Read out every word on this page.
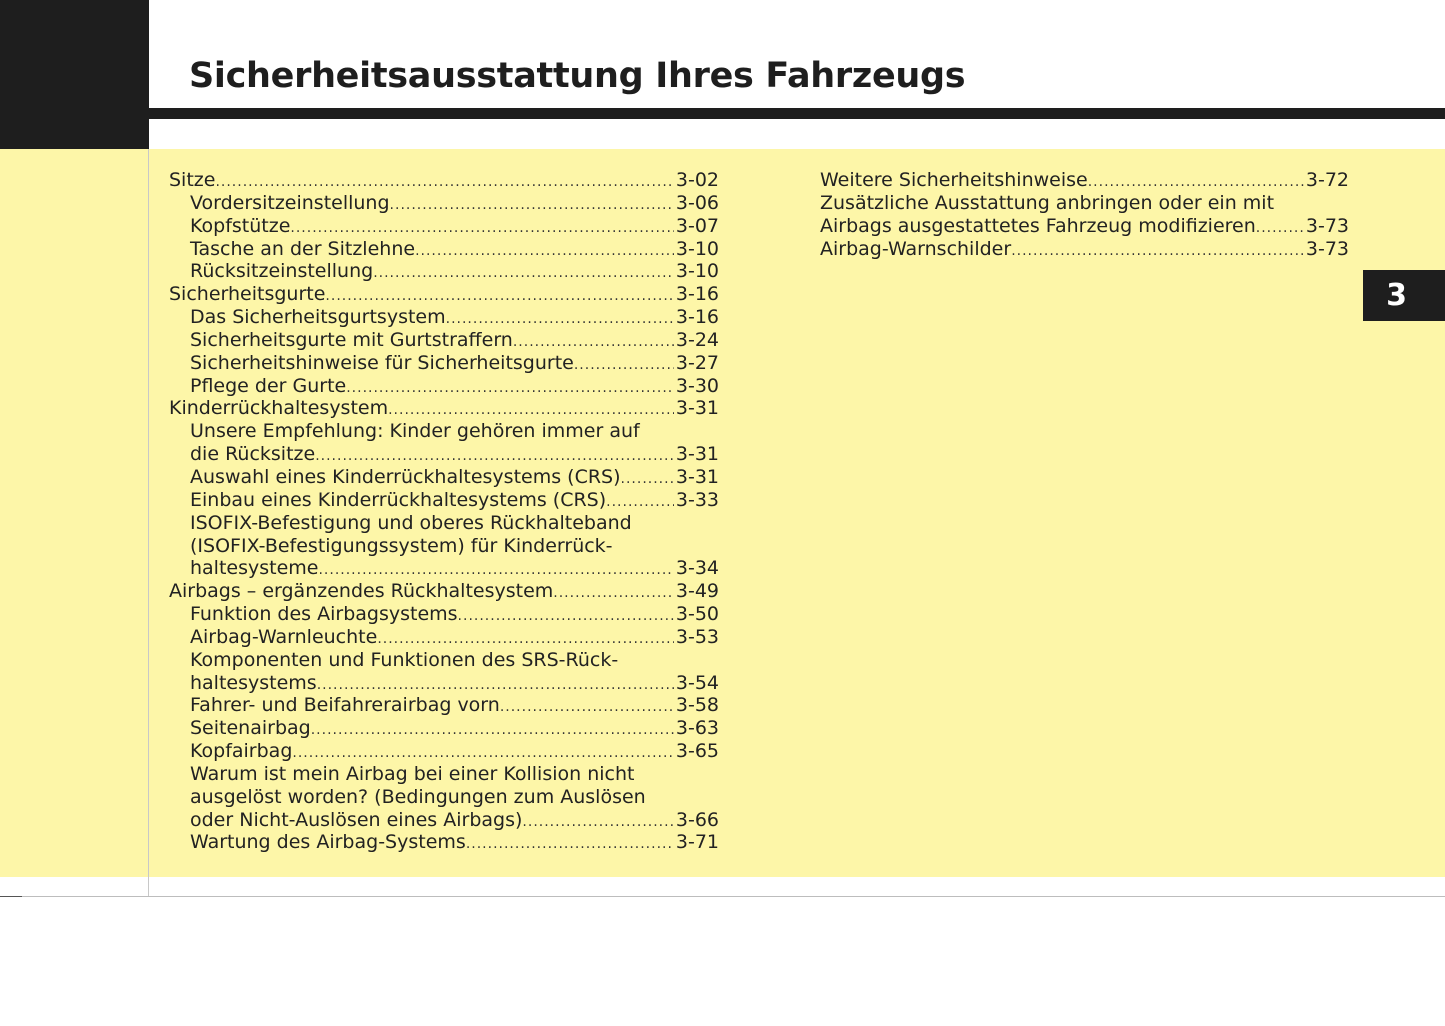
Sicherheitsausstattung Ihres Fahrzeugs
3
Sitze .....	3-02
Vordersitzeinstellung .....	3-06
Kopfstütze .....	3-07
Tasche an der Sitzlehne .....	3-10
Rücksitzeinstellung .....	3-10
Sicherheitsgurte .....	3-16
Das Sicherheitsgurtsystem .....	3-16
Sicherheitsgurte mit Gurtstraffern .....	3-24
Sicherheitshinweise für Sicherheitsgurte .....	3-27
Pflege der Gurte .....	3-30
Kinderrückhaltesystem .....	3-31
Unsere Empfehlung: Kinder gehören immer auf
die Rücksitze .....	3-31
Auswahl eines Kinderrückhaltesystems (CRS) .....	3-31
Einbau eines Kinderrückhaltesystems (CRS) .....	3-33
ISOFIX-Befestigung und oberes Rückhalteband
(ISOFIX-Befestigungssystem) für Kinderrück-
haltesysteme .....	3-34
Airbags – ergänzendes Rückhaltesystem .....	3-49
Funktion des Airbagsystems .....	3-50
Airbag-Warnleuchte .....	3-53
Komponenten und Funktionen des SRS-Rück-
haltesystems .....	3-54
Fahrer- und Beifahrerairbag vorn .....	3-58
Seitenairbag .....	3-63
Kopfairbag .....	3-65
Warum ist mein Airbag bei einer Kollision nicht
ausgelöst worden? (Bedingungen zum Auslösen
oder Nicht-Auslösen eines Airbags) .....	3-66
Wartung des Airbag-Systems .....	3-71
Weitere Sicherheitshinweise .....	3-72
Zusätzliche Ausstattung anbringen oder ein mit
Airbags ausgestattetes Fahrzeug modifizieren .....	3-73
Airbag-Warnschilder .....	3-73
